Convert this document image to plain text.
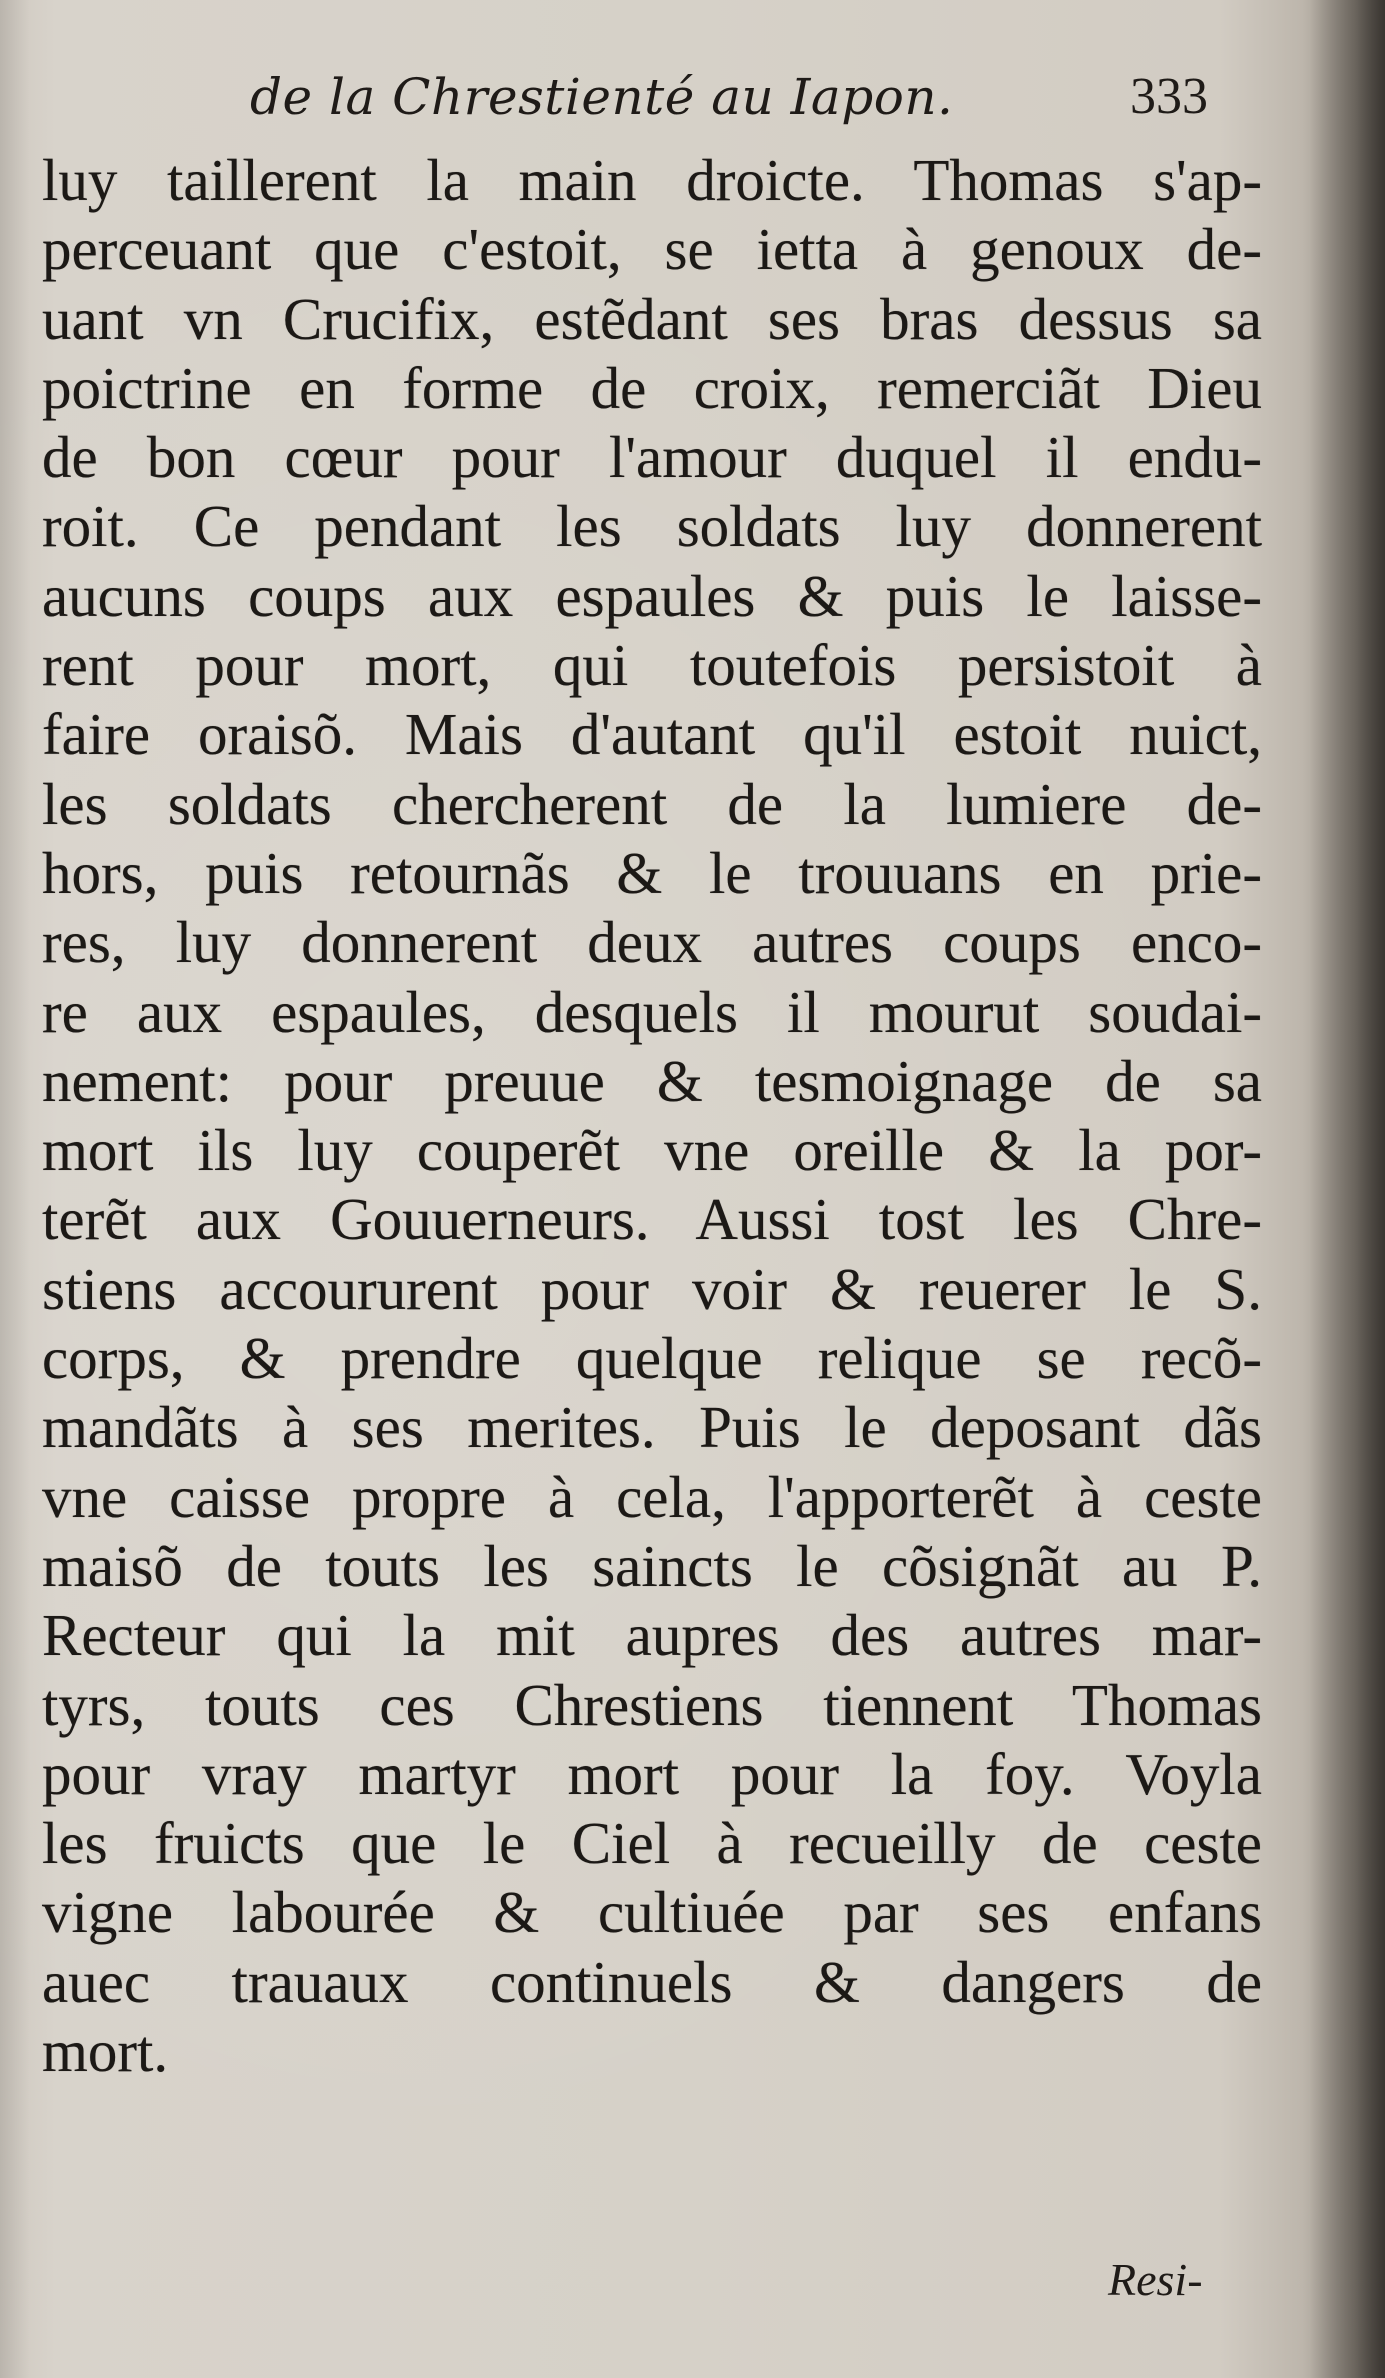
de la Chrestienté au Iapon.	333
luy taillerent la main droicte. Thomas s'ap-
perceuant que c'estoit, se ietta à genoux de-
uant vn Crucifix, estẽdant ses bras dessus sa
poictrine en forme de croix, remerciãt Dieu
de bon cœur pour l'amour duquel il endu-
roit. Ce pendant les soldats luy donnerent
aucuns coups aux espaules & puis le laisse-
rent pour mort, qui toutefois persistoit à
faire oraisõ. Mais d'autant qu'il estoit nuict,
les soldats chercherent de la lumiere de-
hors, puis retournãs & le trouuans en prie-
res, luy donnerent deux autres coups enco-
re aux espaules, desquels il mourut soudai-
nement: pour preuue & tesmoignage de sa
mort ils luy couperẽt vne oreille & la por-
terẽt aux Gouuerneurs. Aussi tost les Chre-
stiens accoururent pour voir & reuerer le S.
corps, & prendre quelque relique se recõ-
mandãts à ses merites. Puis le deposant dãs
vne caisse propre à cela, l'apporterẽt à ceste
maisõ de touts les saincts le cõsignãt au P.
Recteur qui la mit aupres des autres mar-
tyrs, touts ces Chrestiens tiennent Thomas
pour vray martyr mort pour la foy. Voyla
les fruicts que le Ciel à recueilly de ceste
vigne labourée & cultiuée par ses enfans
auec trauaux continuels & dangers de
mort.
Resi-
